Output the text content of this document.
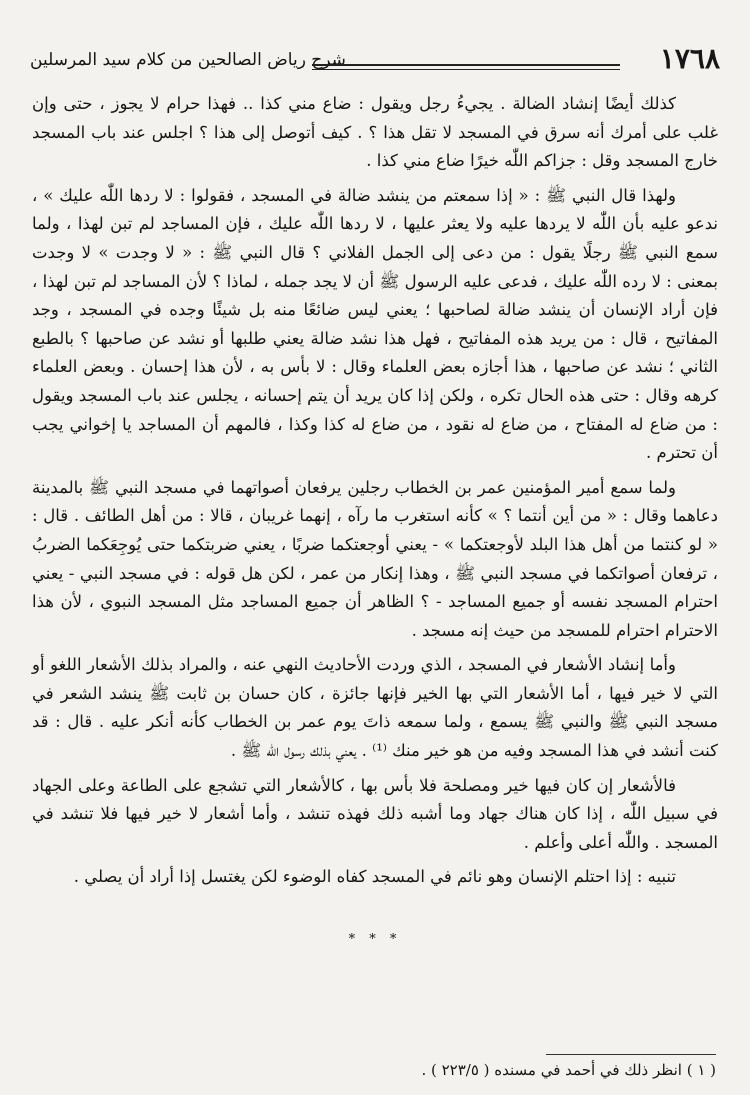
شرح رياض الصالحين من كلام سيد المرسلين	١٧٦٨

كذلك أيضًا إنشاد الضالة . يجيءُ رجل ويقول : ضاع مني كذا .. فهذا حرام لا يجوز ، حتى وإن غلب على أمرك أنه سرق في المسجد لا تقل هذا ؟ . كيف أتوصل إلى هذا ؟ اجلس عند باب المسجد خارج المسجد وقل : جزاكم اللّٰه خيرًا ضاع مني كذا .

ولهذا قال النبي ﷺ : « إذا سمعتم من ينشد ضالة في المسجد ، فقولوا : لا ردها اللّٰه عليك » ، ندعو عليه بأن اللّٰه لا يردها عليه ولا يعثر عليها ، لا ردها اللّٰه عليك ، فإن المساجد لم تبن لهذا ، ولما سمع النبي ﷺ رجلًا يقول : من دعى إلى الجمل الفلاني ؟ قال النبي ﷺ : « لا وجدت » لا وجدت بمعنى : لا رده اللّٰه عليك ، فدعى عليه الرسول ﷺ أن لا يجد جمله ، لماذا ؟ لأن المساجد لم تبن لهذا ، فإن أراد الإنسان أن ينشد ضالة لصاحبها ؛ يعني ليس ضائعًا منه بل شيئًا وجده في المسجد ، وجد المفاتيح ، قال : من يريد هذه المفاتيح ، فهل هذا نشد ضالة يعني طلبها أو نشد عن صاحبها ؟ بالطبع الثاني ؛ نشد عن صاحبها ، هذا أجازه بعض العلماء وقال : لا بأس به ، لأن هذا إحسان . وبعض العلماء كرهه وقال : حتى هذه الحال تكره ، ولكن إذا كان يريد أن يتم إحسانه ، يجلس عند باب المسجد ويقول : من ضاع له المفتاح ، من ضاع له نقود ، من ضاع له كذا وكذا ، فالمهم أن المساجد يا إخواني يجب أن تحترم .

ولما سمع أمير المؤمنين عمر بن الخطاب رجلين يرفعان أصواتهما في مسجد النبي ﷺ بالمدينة دعاهما وقال : « من أين أنتما ؟ » كأنه استغرب ما رآه ، إنهما غريبان ، قالا : من أهل الطائف . قال : « لو كنتما من أهل هذا البلد لأوجعتكما » - يعني أوجعتكما ضربًا ، يعني ضربتكما حتى يُوجِعَكما الضربُ ، ترفعان أصواتكما في مسجد النبي ﷺ ، وهذا إنكار من عمر ، لكن هل قوله : في مسجد النبي - يعني احترام المسجد نفسه أو جميع المساجد - ؟ الظاهر أن جميع المساجد مثل المسجد النبوي ، لأن هذا الاحترام احترام للمسجد من حيث إنه مسجد .

وأما إنشاد الأشعار في المسجد ، الذي وردت الأحاديث النهي عنه ، والمراد بذلك الأشعار اللغو أو التي لا خير فيها ، أما الأشعار التي بها الخير فإنها جائزة ، كان حسان بن ثابت ﷺ ينشد الشعر في مسجد النبي ﷺ والنبي ﷺ يسمع ، ولما سمعه ذاتَ يوم عمر بن الخطاب كأنه أنكر عليه . قال : قد كنت أنشد في هذا المسجد وفيه من هو خير منك ⁽¹⁾ . يعني بذلك رسول اللّٰه ﷺ .

فالأشعار إن كان فيها خير ومصلحة فلا بأس بها ، كالأشعار التي تشجع على الطاعة وعلى الجهاد في سبيل اللّٰه ، إذا كان هناك جهاد وما أشبه ذلك فهذه تنشد ، وأما أشعار لا خير فيها فلا تنشد في المسجد . واللّٰه أعلى وأعلم .

تنبيه : إذا احتلم الإنسان وهو نائم في المسجد كفاه الوضوء لكن يغتسل إذا أراد أن يصلي .

* * *
( ١ ) انظر ذلك في أحمد في مسنده ( ٢٢٣/٥ ) .
